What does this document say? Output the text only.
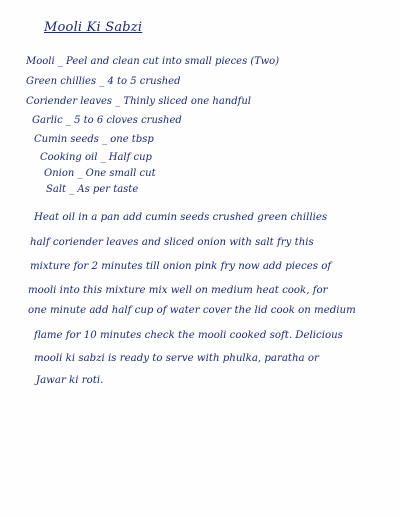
Mooli Ki Sabzi
Mooli _ Peel and clean cut into small pieces (Two)
Green chillies _ 4 to 5 crushed
Coriender leaves _ Thinly sliced one handful
Garlic _ 5 to 6 cloves crushed
Cumin seeds _ one tbsp
Cooking oil _ Half cup
Onion _ One small cut
Salt _ As per taste
Heat oil in a pan add cumin seeds crushed green chillies
half coriender leaves and sliced onion with salt fry this
mixture for 2 minutes till onion pink fry now add pieces of
mooli into this mixture mix well on medium heat cook, for
one minute add half cup of water cover the lid cook on medium
flame for 10 minutes check the mooli cooked soft. Delicious
mooli ki sabzi is ready to serve with phulka, paratha or
Jawar ki roti.
